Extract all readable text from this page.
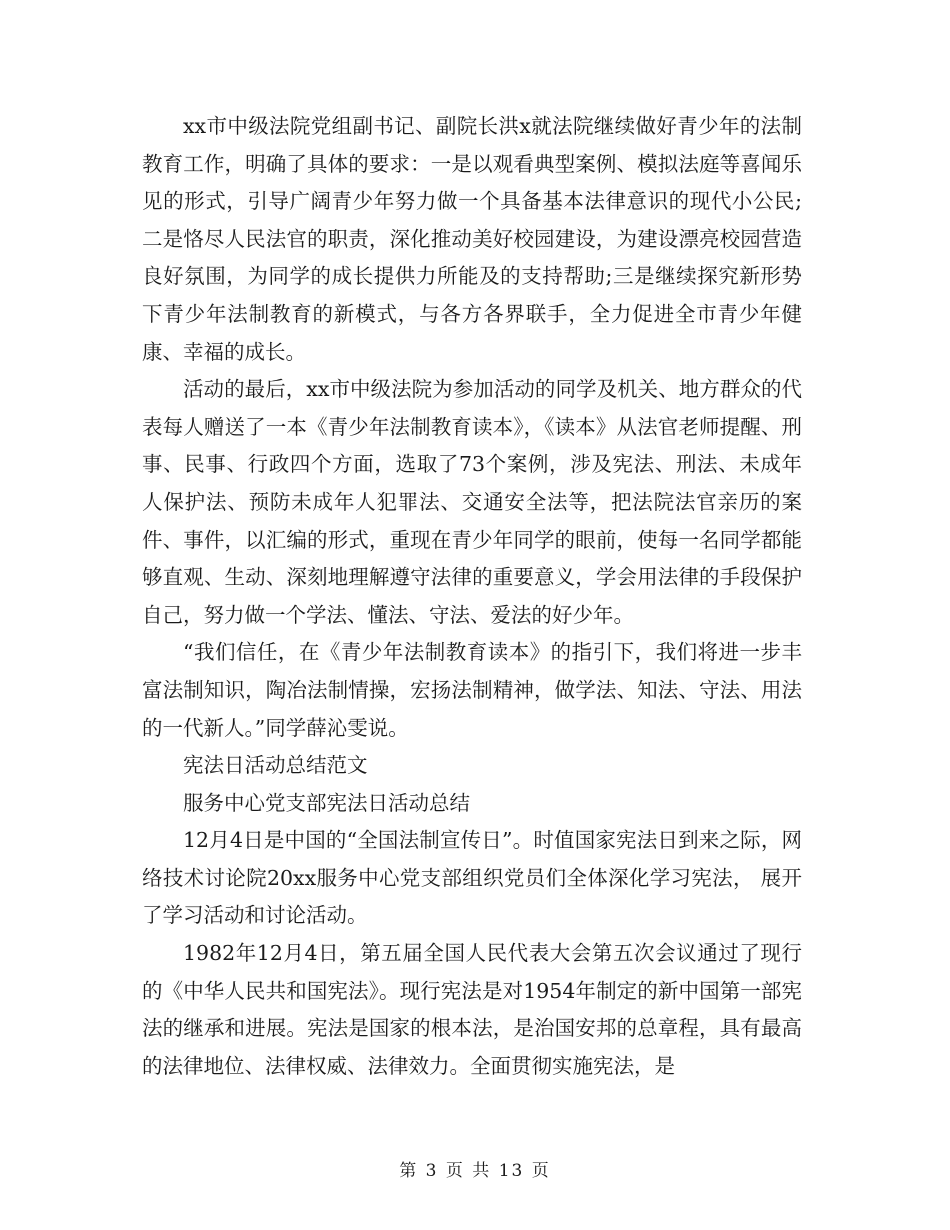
xx市中级法院党组副书记、副院长洪x就法院继续做好青少年的法制教育工作，明确了具体的要求：一是以观看典型案例、模拟法庭等喜闻乐见的形式，引导广阔青少年努力做一个具备基本法律意识的现代小公民;二是恪尽人民法官的职责，深化推动美好校园建设，为建设漂亮校园营造良好氛围，为同学的成长提供力所能及的支持帮助;三是继续探究新形势下青少年法制教育的新模式，与各方各界联手，全力促进全市青少年健康、幸福的成长。

活动的最后，xx市中级法院为参加活动的同学及机关、地方群众的代表每人赠送了一本《青少年法制教育读本》，《读本》从法官老师提醒、刑事、民事、行政四个方面，选取了73个案例，涉及宪法、刑法、未成年人保护法、预防未成年人犯罪法、交通安全法等，把法院法官亲历的案件、事件，以汇编的形式，重现在青少年同学的眼前，使每一名同学都能够直观、生动、深刻地理解遵守法律的重要意义，学会用法律的手段保护自己，努力做一个学法、懂法、守法、爱法的好少年。

“我们信任，在《青少年法制教育读本》的指引下，我们将进一步丰富法制知识，陶冶法制情操，宏扬法制精神，做学法、知法、守法、用法的一代新人。”同学薛沁雯说。

宪法日活动总结范文

服务中心党支部宪法日活动总结

12月4日是中国的“全国法制宣传日”。时值国家宪法日到来之际，网络技术讨论院20xx服务中心党支部组织党员们全体深化学习宪法， 展开了学习活动和讨论活动。

1982年12月4日，第五届全国人民代表大会第五次会议通过了现行的《中华人民共和国宪法》。现行宪法是对1954年制定的新中国第一部宪法的继承和进展。宪法是国家的根本法，是治国安邦的总章程，具有最高的法律地位、法律权威、法律效力。全面贯彻实施宪法，是

第 3 页 共 13 页
